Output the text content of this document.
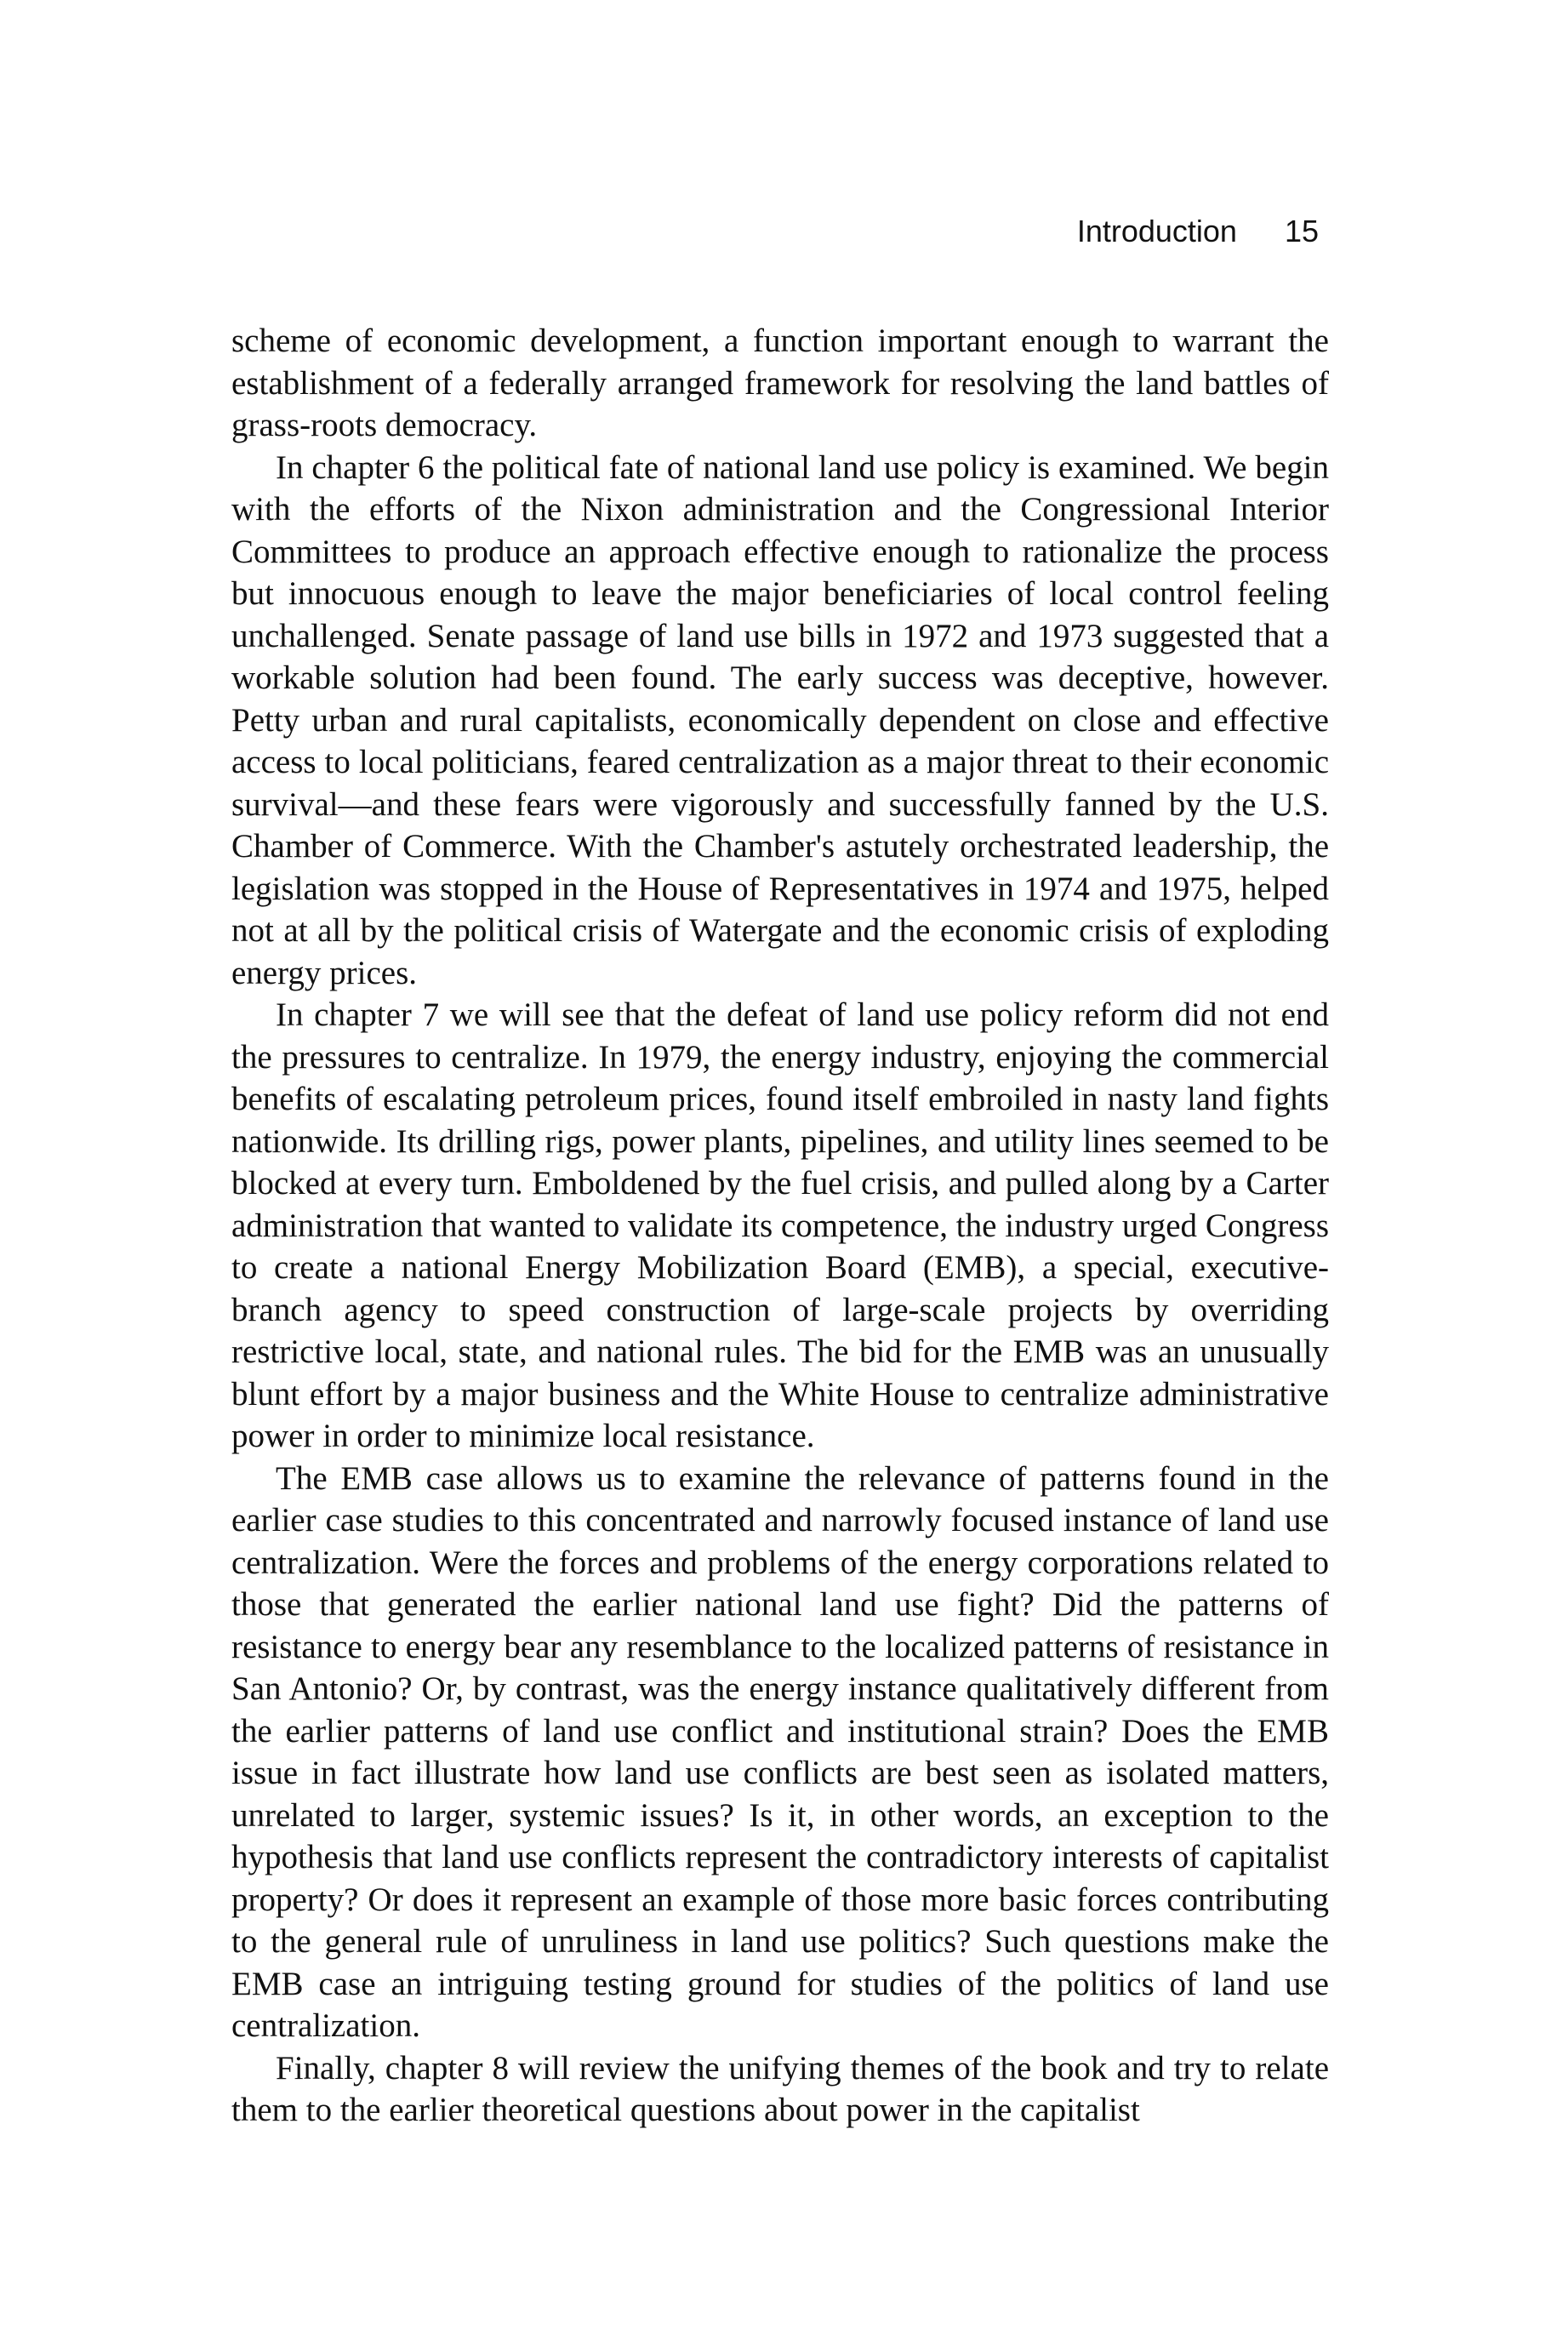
Introduction 15

scheme of economic development, a function important enough to warrant the establishment of a federally arranged framework for resolving the land battles of grass-roots democracy.

In chapter 6 the political fate of national land use policy is examined. We begin with the efforts of the Nixon administration and the Congressional Interior Committees to produce an approach effective enough to rationalize the process but innocuous enough to leave the major beneficiaries of local control feeling unchallenged. Senate passage of land use bills in 1972 and 1973 suggested that a workable solution had been found. The early success was deceptive, however. Petty urban and rural capitalists, economically dependent on close and effective access to local politicians, feared centralization as a major threat to their economic survival—and these fears were vigorously and successfully fanned by the U.S. Chamber of Commerce. With the Chamber's astutely orchestrated leadership, the legislation was stopped in the House of Representatives in 1974 and 1975, helped not at all by the political crisis of Watergate and the economic crisis of exploding energy prices.

In chapter 7 we will see that the defeat of land use policy reform did not end the pressures to centralize. In 1979, the energy industry, enjoying the commercial benefits of escalating petroleum prices, found itself embroiled in nasty land fights nationwide. Its drilling rigs, power plants, pipelines, and utility lines seemed to be blocked at every turn. Emboldened by the fuel crisis, and pulled along by a Carter administration that wanted to validate its competence, the industry urged Congress to create a national Energy Mobilization Board (EMB), a special, executive-branch agency to speed construction of large-scale projects by overriding restrictive local, state, and national rules. The bid for the EMB was an unusually blunt effort by a major business and the White House to centralize administrative power in order to minimize local resistance.

The EMB case allows us to examine the relevance of patterns found in the earlier case studies to this concentrated and narrowly focused instance of land use centralization. Were the forces and problems of the energy corporations related to those that generated the earlier national land use fight? Did the patterns of resistance to energy bear any resemblance to the localized patterns of resistance in San Antonio? Or, by contrast, was the energy instance qualitatively different from the earlier patterns of land use conflict and institutional strain? Does the EMB issue in fact illustrate how land use conflicts are best seen as isolated matters, unrelated to larger, systemic issues? Is it, in other words, an exception to the hypothesis that land use conflicts represent the contradictory interests of capitalist property? Or does it represent an example of those more basic forces contributing to the general rule of unruliness in land use politics? Such questions make the EMB case an intriguing testing ground for studies of the politics of land use centralization.

Finally, chapter 8 will review the unifying themes of the book and try to relate them to the earlier theoretical questions about power in the capitalist
